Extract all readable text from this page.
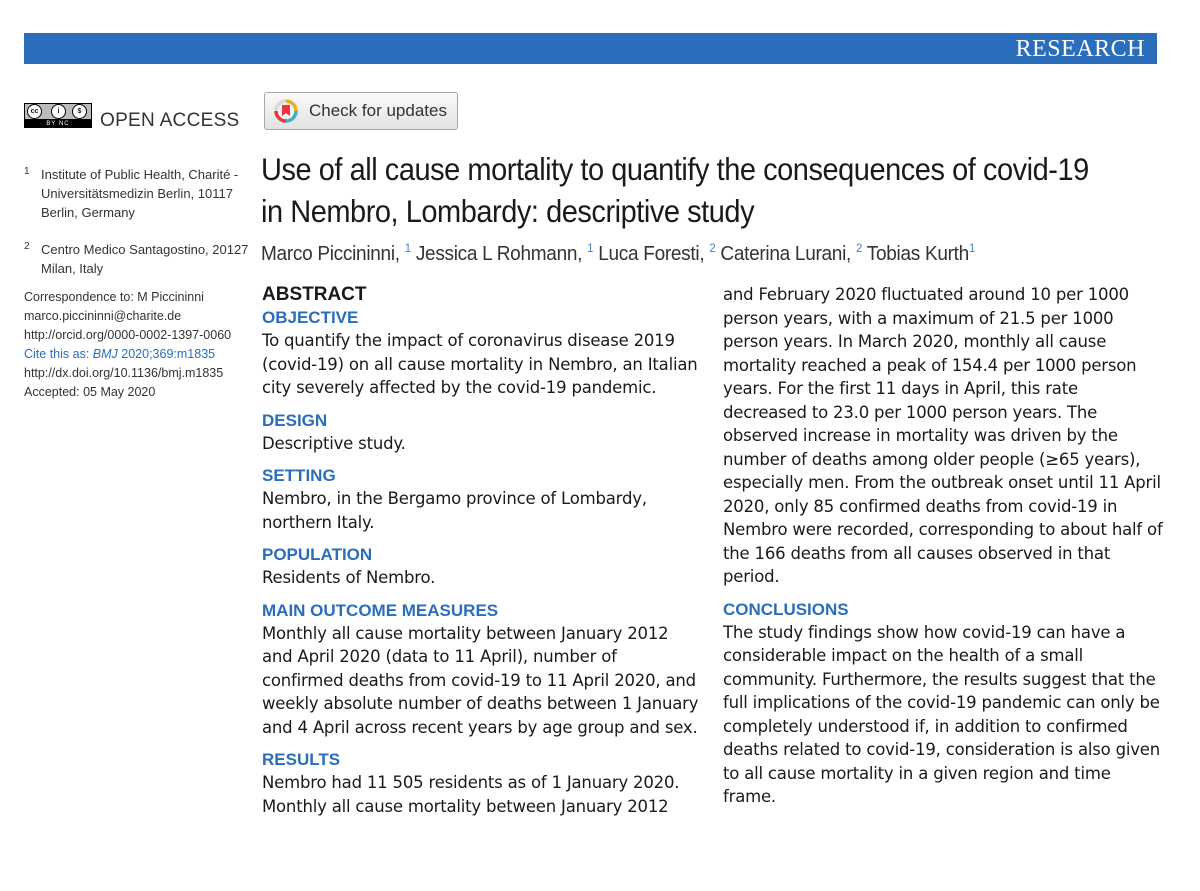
RESEARCH
cc	i	$
BY NC	OPEN ACCESS	Check for updates
Use of all cause mortality to quantify the consequences of covid-19 in Nembro, Lombardy: descriptive study
Marco Piccininni, $^1$ Jessica L Rohmann, $^1$ Luca Foresti, $^2$ Caterina Lurani, $^2$ Tobias Kurth$^1$
1 Institute of Public Health, Charité - Universitätsmedizin Berlin, 10117 Berlin, Germany
2 Centro Medico Santagostino, 20127 Milan, Italy
Correspondence to: M Piccininni
marco.piccininni@charite.de
http://orcid.org/0000-0002-1397-0060
Cite this as: BMJ 2020;369:m1835
http://dx.doi.org/10.1136/bmj.m1835
Accepted: 05 May 2020
ABSTRACT
OBJECTIVE

To quantify the impact of coronavirus disease 2019 (covid-19) on all cause mortality in Nembro, an Italian city severely affected by the covid-19 pandemic.

DESIGN

Descriptive study.

SETTING

Nembro, in the Bergamo province of Lombardy, northern Italy.

POPULATION

Residents of Nembro.

MAIN OUTCOME MEASURES

Monthly all cause mortality between January 2012 and April 2020 (data to 11 April), number of confirmed deaths from covid-19 to 11 April 2020, and weekly absolute number of deaths between 1 January and 4 April across recent years by age group and sex.

RESULTS

Nembro had 11 505 residents as of 1 January 2020. Monthly all cause mortality between January 2012

and February 2020 fluctuated around 10 per 1000 person years, with a maximum of 21.5 per 1000 person years. In March 2020, monthly all cause mortality reached a peak of 154.4 per 1000 person years. For the first 11 days in April, this rate decreased to 23.0 per 1000 person years. The observed increase in mortality was driven by the number of deaths among older people (≥65 years), especially men. From the outbreak onset until 11 April 2020, only 85 confirmed deaths from covid-19 in Nembro were recorded, corresponding to about half of the 166 deaths from all causes observed in that period.

CONCLUSIONS

The study findings show how covid-19 can have a considerable impact on the health of a small community. Furthermore, the results suggest that the full implications of the covid-19 pandemic can only be completely understood if, in addition to confirmed deaths related to covid-19, consideration is also given to all cause mortality in a given region and time frame.
